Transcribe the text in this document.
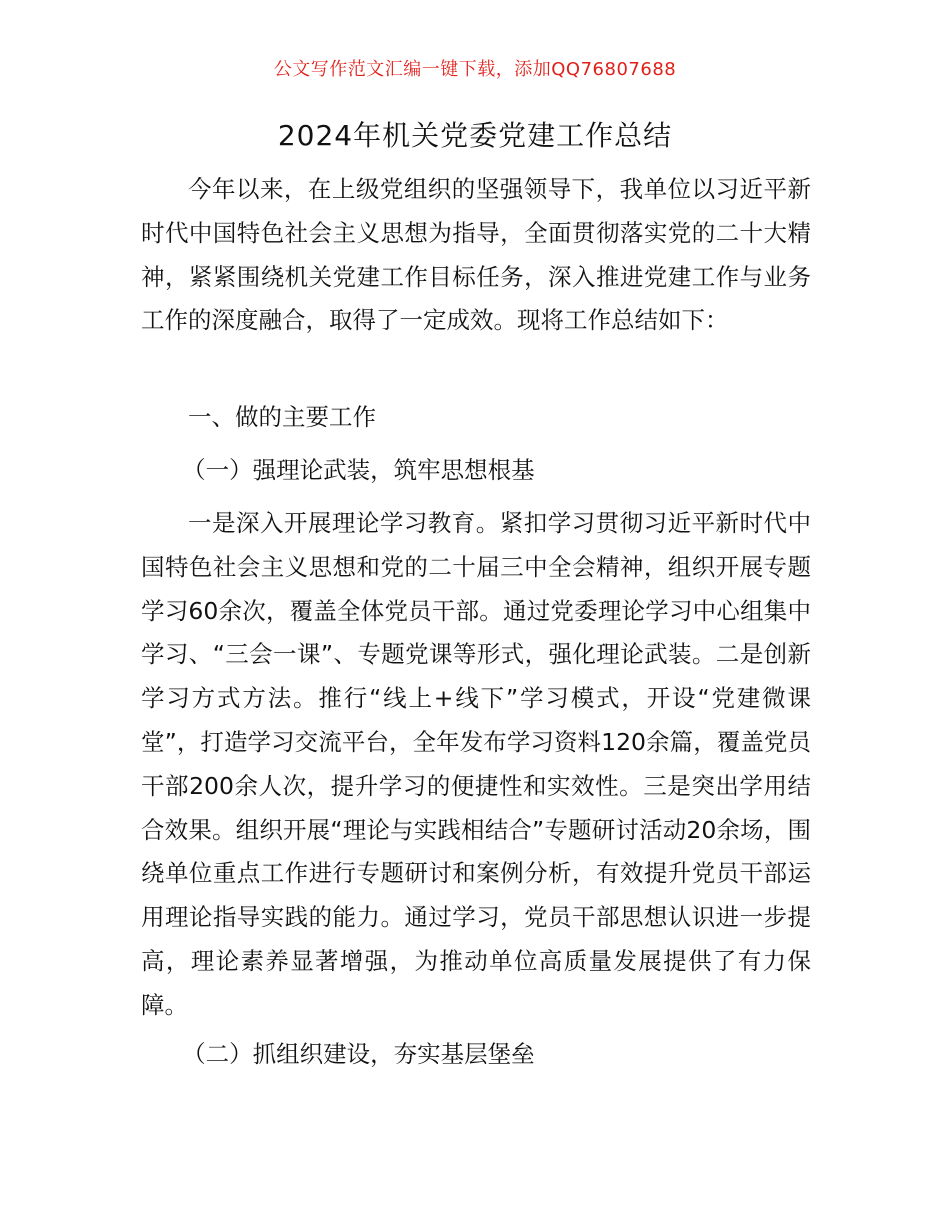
公文写作范文汇编一键下载，添加QQ76807688
2024年机关党委党建工作总结

今年以来，在上级党组织的坚强领导下，我单位以习近平新时代中国特色社会主义思想为指导，全面贯彻落实党的二十大精神，紧紧围绕机关党建工作目标任务，深入推进党建工作与业务工作的深度融合，取得了一定成效。现将工作总结如下：

一、做的主要工作
（一）强理论武装，筑牢思想根基

一是深入开展理论学习教育。紧扣学习贯彻习近平新时代中国特色社会主义思想和党的二十届三中全会精神，组织开展专题学习60余次，覆盖全体党员干部。通过党委理论学习中心组集中学习、“三会一课”、专题党课等形式，强化理论武装。二是创新学习方式方法。推行“线上+线下”学习模式，开设“党建微课堂”，打造学习交流平台，全年发布学习资料120余篇，覆盖党员干部200余人次，提升学习的便捷性和实效性。三是突出学用结合效果。组织开展“理论与实践相结合”专题研讨活动20余场，围绕单位重点工作进行专题研讨和案例分析，有效提升党员干部运用理论指导实践的能力。通过学习，党员干部思想认识进一步提高，理论素养显著增强，为推动单位高质量发展提供了有力保障。

（二）抓组织建设，夯实基层堡垒
